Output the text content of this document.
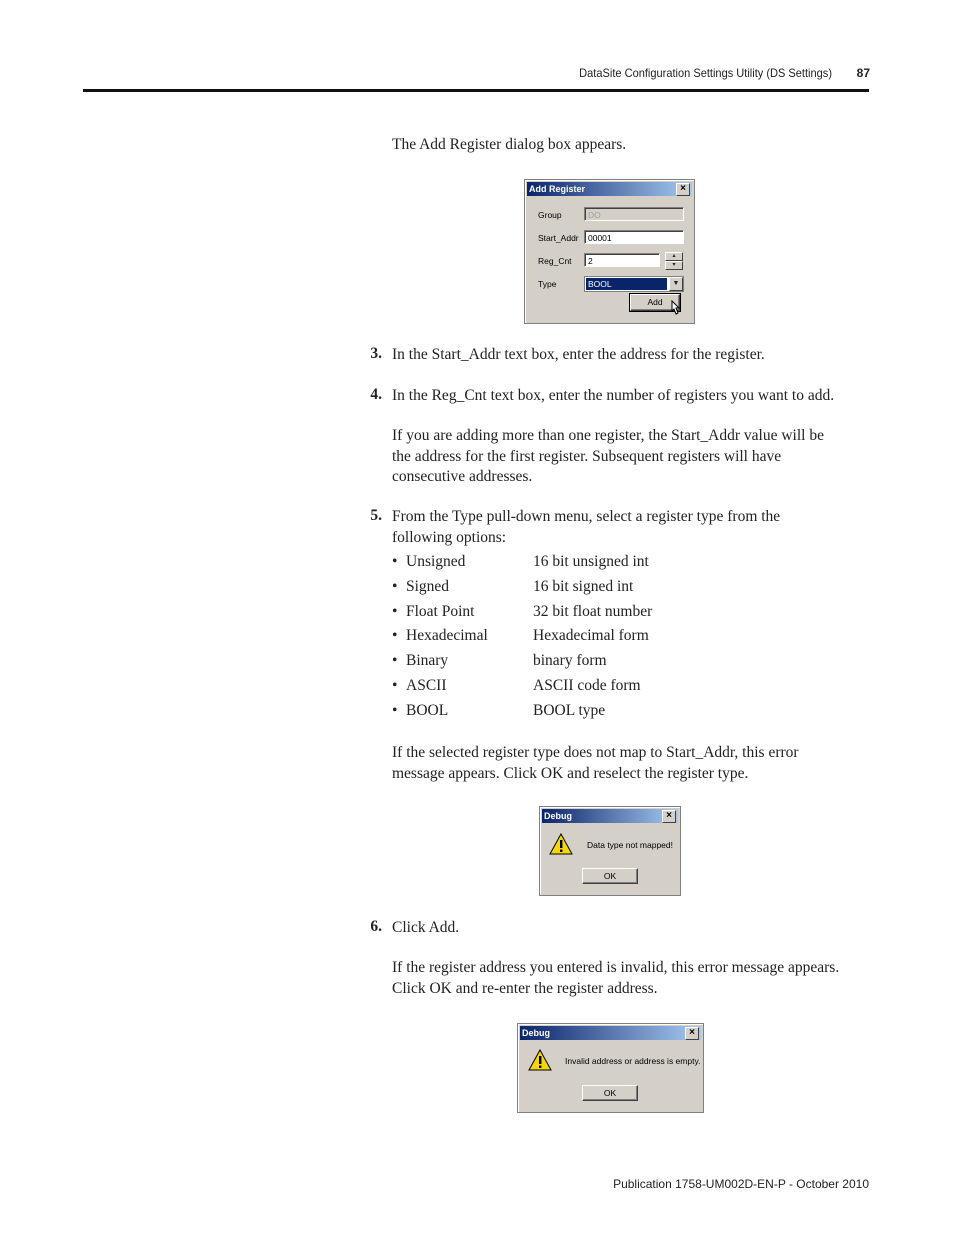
DataSite Configuration Settings Utility (DS Settings)	87
The Add Register dialog box appears.
Add Register	×
Group	DO
Start_Addr	00001
Reg_Cnt	2	▴
▾
Type	BOOL	▼
Add
3. In the Start_Addr text box, enter the address for the register.
4. In the Reg_Cnt text box, enter the number of registers you want to add.
If you are adding more than one register, the Start_Addr value will be
the address for the first register. Subsequent registers will have
consecutive addresses.
5. From the Type pull-down menu, select a register type from the
following options:
• Unsigned	16 bit unsigned int
• Signed	16 bit signed int
• Float Point	32 bit float number
• Hexadecimal	Hexadecimal form
• Binary	binary form
• ASCII	ASCII code form
• BOOL	BOOL type
If the selected register type does not map to Start_Addr, this error
message appears. Click OK and reselect the register type.
Debug	×
Data type not mapped!
OK
6. Click Add.
If the register address you entered is invalid, this error message appears.
Click OK and re-enter the register address.
Debug	×
Invalid address or address is empty.
OK
Publication 1758-UM002D-EN-P - October 2010
